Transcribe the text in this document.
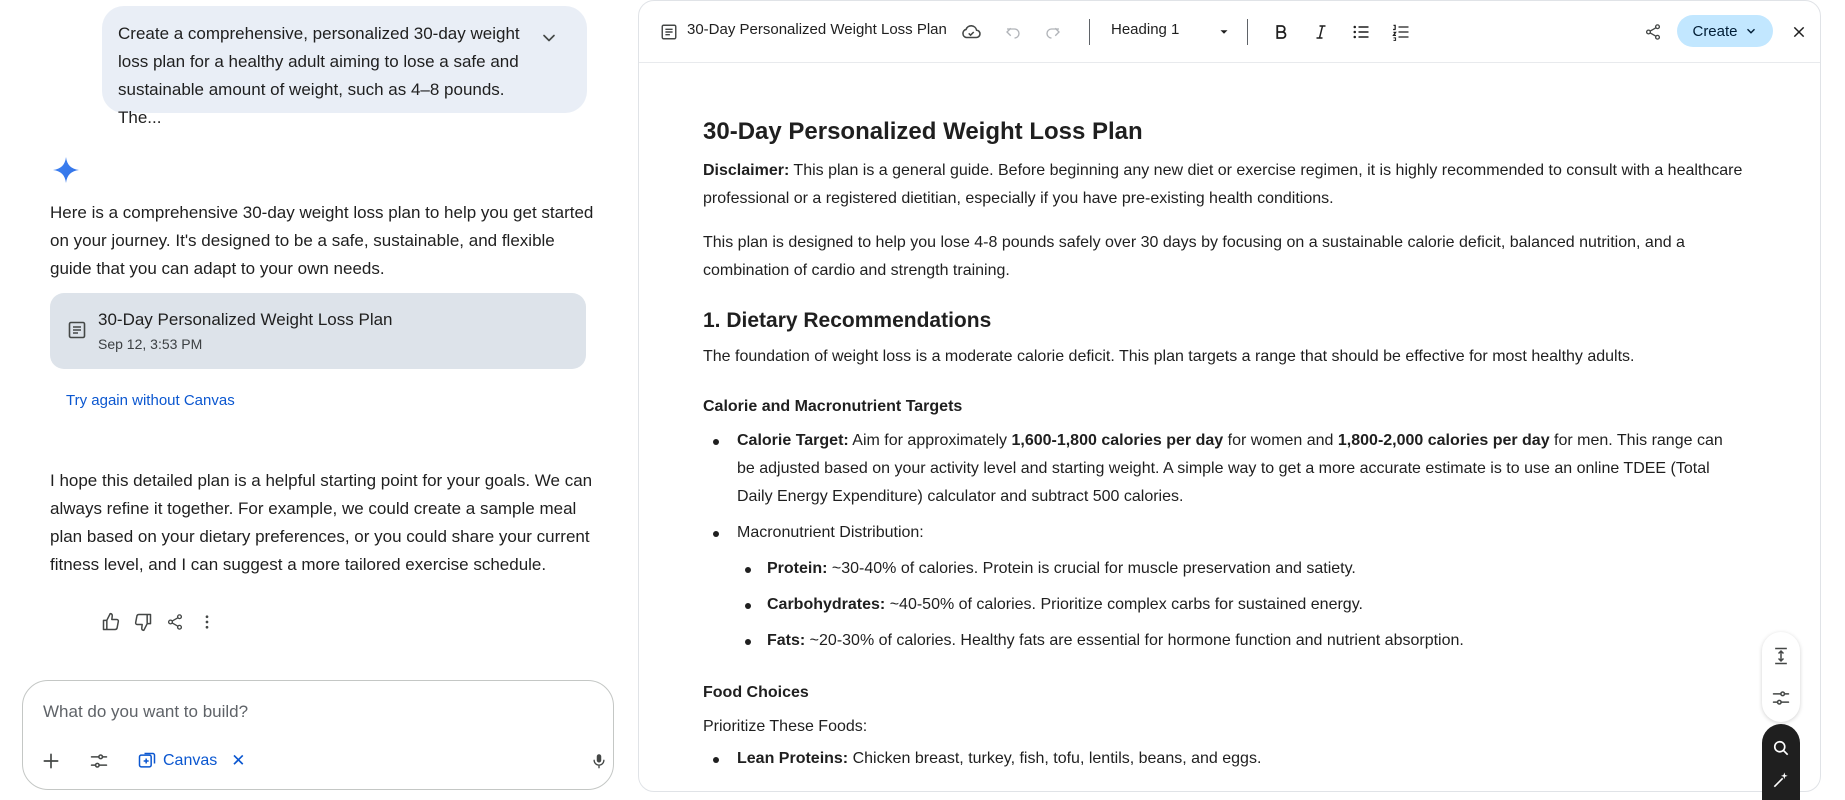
Create a comprehensive, personalized 30-day weight loss plan for a healthy adult aiming to lose a safe and sustainable amount of weight, such as 4–8 pounds. The...
Here is a comprehensive 30-day weight loss plan to help you get started on your journey. It's designed to be a safe, sustainable, and flexible guide that you can adapt to your own needs.
30-Day Personalized Weight Loss Plan
Sep 12, 3:53 PM
Try again without Canvas
I hope this detailed plan is a helpful starting point for your goals. We can always refine it together. For example, we could create a sample meal plan based on your dietary preferences, or you could share your current fitness level, and I can suggest a more tailored exercise schedule.
What do you want to build?
Canvas ✕
30-Day Personalized Weight Loss Plan	Heading 1	Create
30-Day Personalized Weight Loss Plan

Disclaimer: This plan is a general guide. Before beginning any new diet or exercise regimen, it is highly recommended to consult with a healthcare professional or a registered dietitian, especially if you have pre-existing health conditions.

This plan is designed to help you lose 4-8 pounds safely over 30 days by focusing on a sustainable calorie deficit, balanced nutrition, and a combination of cardio and strength training.

1. Dietary Recommendations

The foundation of weight loss is a moderate calorie deficit. This plan targets a range that should be effective for most healthy adults.

Calorie and Macronutrient Targets
Calorie Target: Aim for approximately 1,600-1,800 calories per day for women and 1,800-2,000 calories per day for men. This range can be adjusted based on your activity level and starting weight. A simple way to get a more accurate estimate is to use an online TDEE (Total Daily Energy Expenditure) calculator and subtract 500 calories.
Macronutrient Distribution:
Protein: ~30-40% of calories. Protein is crucial for muscle preservation and satiety.
Carbohydrates: ~40-50% of calories. Prioritize complex carbs for sustained energy.
Fats: ~20-30% of calories. Healthy fats are essential for hormone function and nutrient absorption.
Food Choices

Prioritize These Foods:

Lean Proteins: Chicken breast, turkey, fish, tofu, lentils, beans, and eggs.
